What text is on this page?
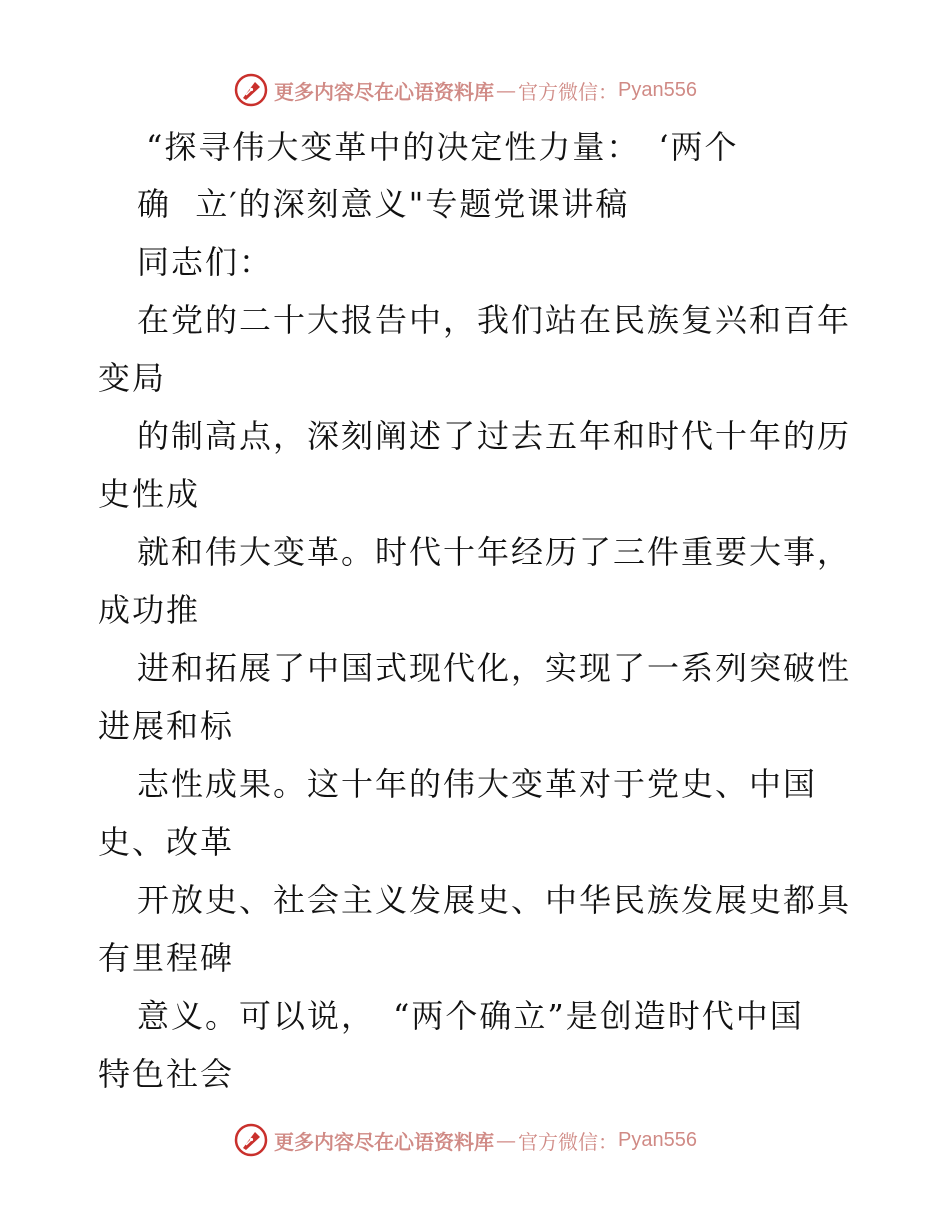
更多内容尽在心语资料库 — 官方微信： Pyan556
“探寻伟大变革中的决定性力量：　‘两个
确  立′的深刻意义"专题党课讲稿
同志们：
在党的二十大报告中，我们站在民族复兴和百年
变局
的制高点，深刻阐述了过去五年和时代十年的历
史性成
就和伟大变革。时代十年经历了三件重要大事，
成功推
进和拓展了中国式现代化，实现了一系列突破性
进展和标
志性成果。这十年的伟大变革对于党史、中国
史、改革
开放史、社会主义发展史、中华民族发展史都具
有里程碑
意义。可以说，　“两个确立”是创造时代中国
特色社会
更多内容尽在心语资料库 — 官方微信： Pyan556
